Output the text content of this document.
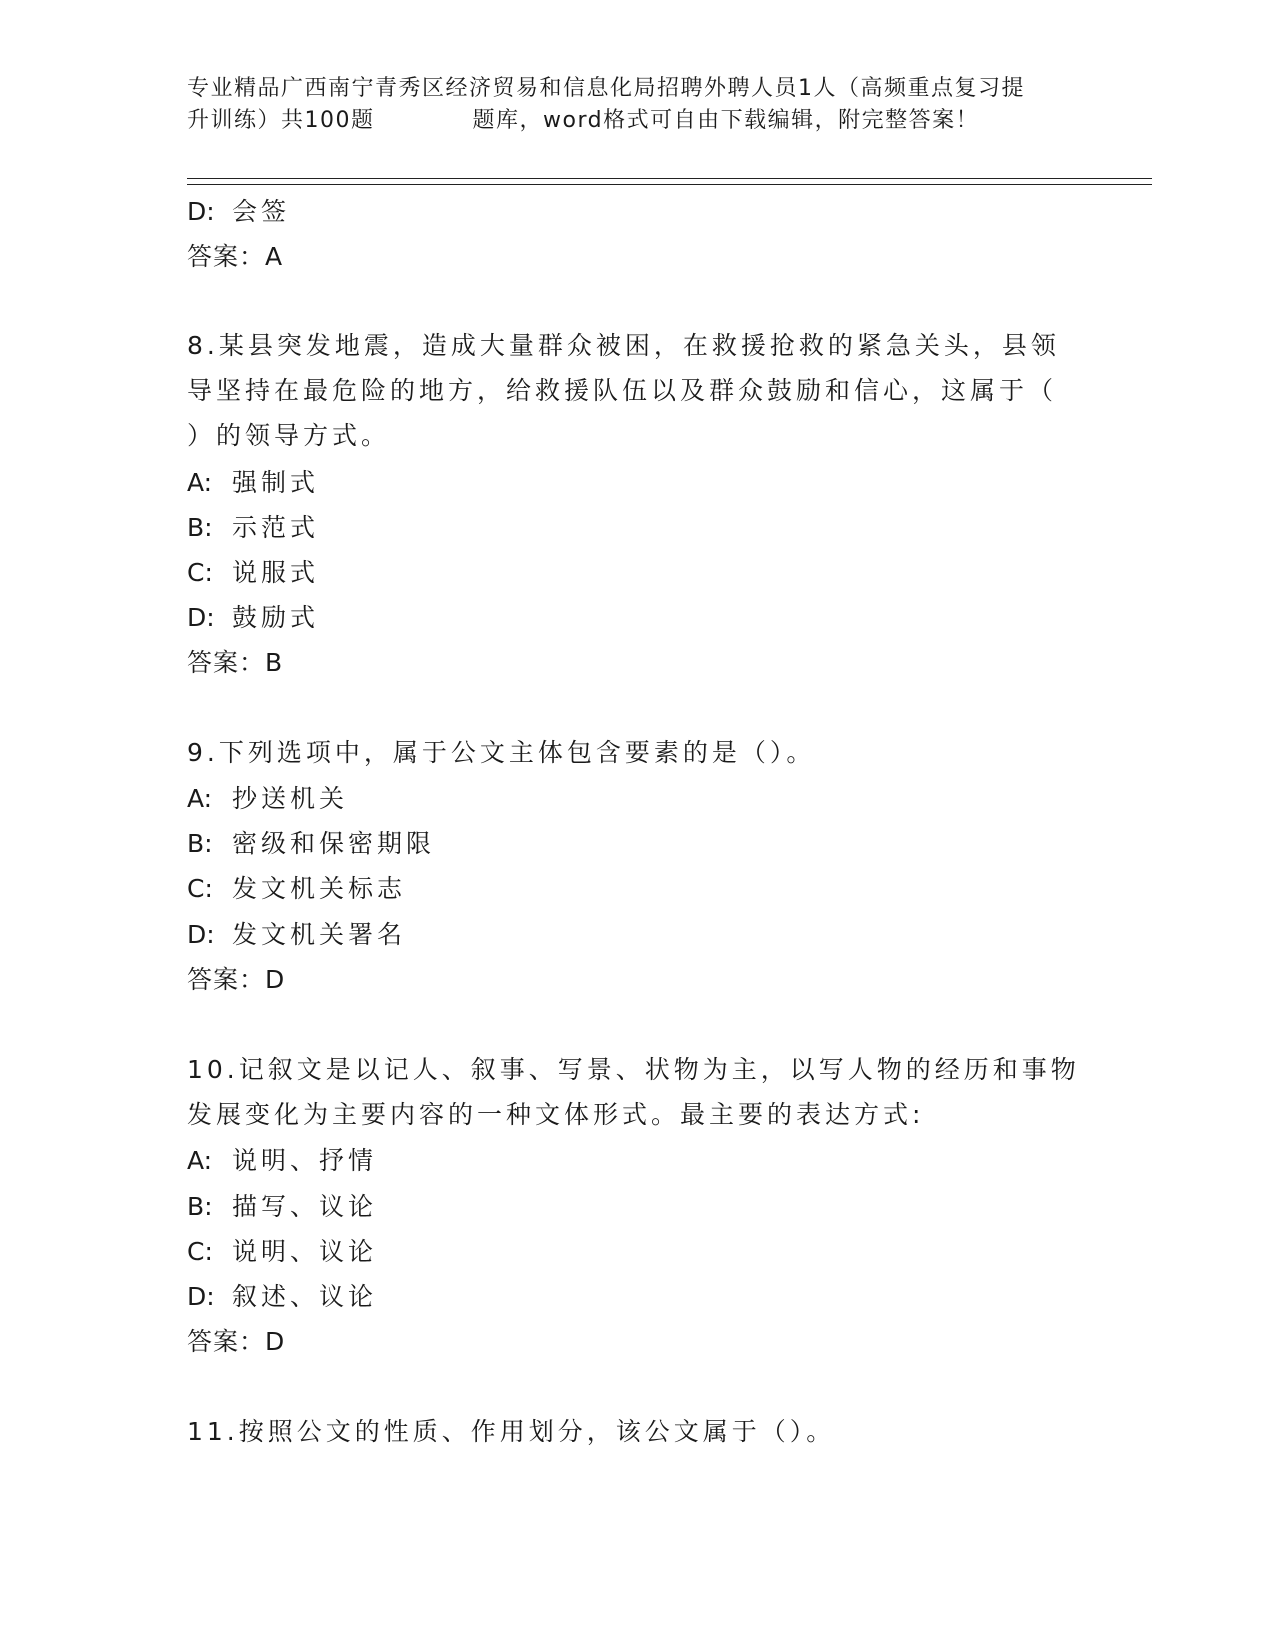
专业精品广西南宁青秀区经济贸易和信息化局招聘外聘人员1人（高频重点复习提
升训练）共100题	题库，word格式可自由下载编辑，附完整答案！
D: 会签
答案：A
8.某县突发地震，造成大量群众被困，在救援抢救的紧急关头，县领
导坚持在最危险的地方，给救援队伍以及群众鼓励和信心，这属于（
）的领导方式。
A: 强制式
B: 示范式
C: 说服式
D: 鼓励式
答案：B
9.下列选项中，属于公文主体包含要素的是（）。
A: 抄送机关
B: 密级和保密期限
C: 发文机关标志
D: 发文机关署名
答案：D
10.记叙文是以记人、叙事、写景、状物为主，以写人物的经历和事物
发展变化为主要内容的一种文体形式。最主要的表达方式:
A: 说明、抒情
B: 描写、议论
C: 说明、议论
D: 叙述、议论
答案：D
11.按照公文的性质、作用划分，该公文属于（）。
